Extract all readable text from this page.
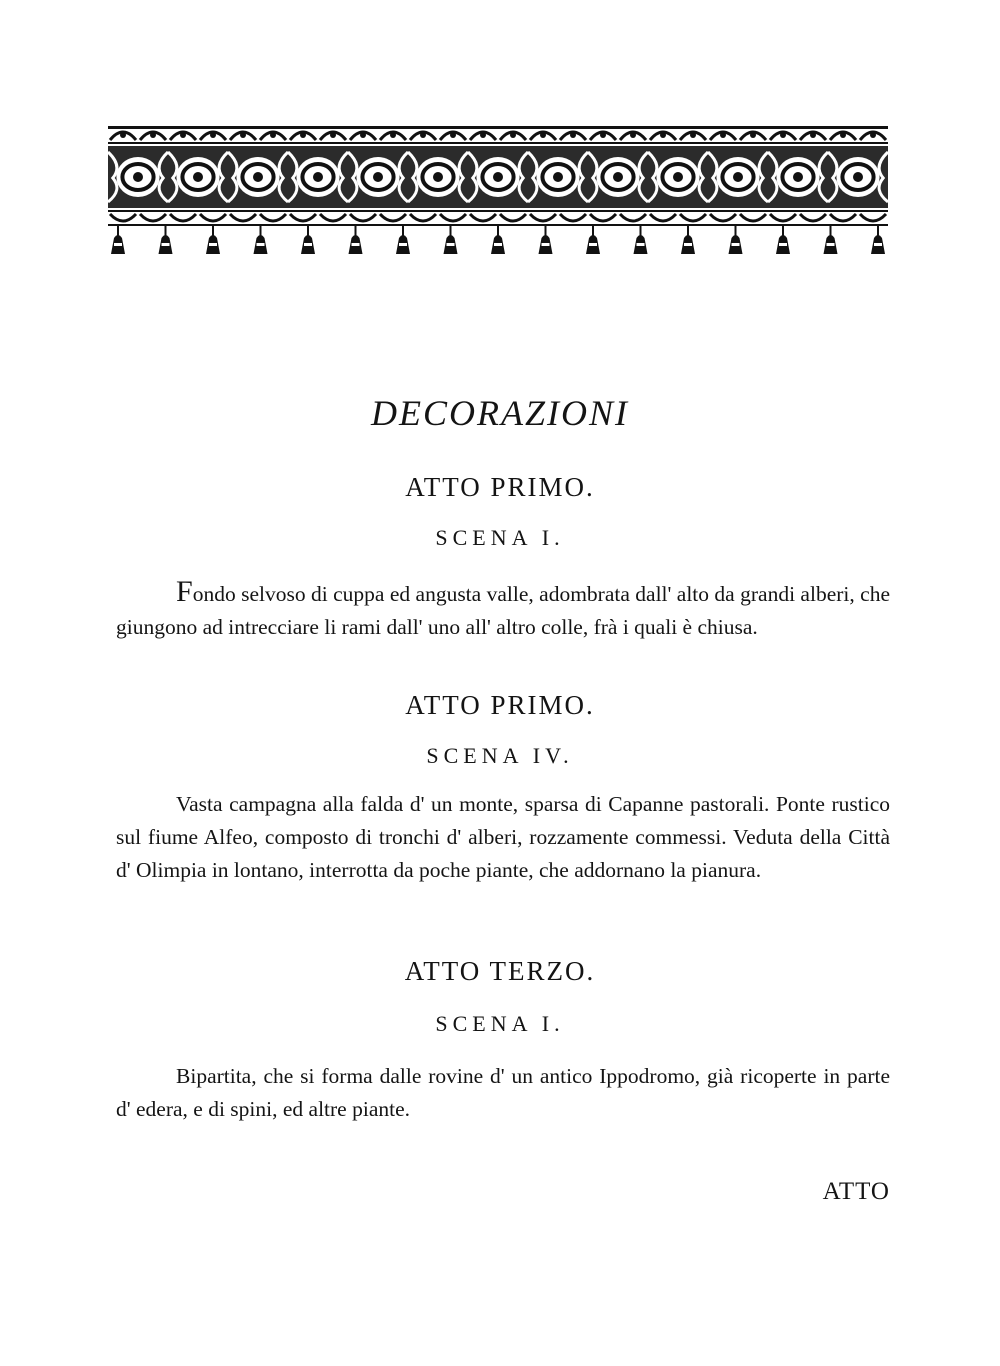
DECORAZIONI
ATTO PRIMO.
SCENA I.
Fondo selvoso di cuppa ed angusta valle, adombrata dall' alto da grandi alberi, che giungono ad intrecciare li rami dall' uno all' altro colle, frà i quali è chiusa.
ATTO PRIMO.
SCENA IV.
Vasta campagna alla falda d' un monte, sparsa di Capanne pastorali. Ponte rustico sul fiume Alfeo, composto di tronchi d' alberi, rozzamente commessi. Veduta della Città d' Olimpia in lontano, interrotta da poche piante, che addornano la pianura.
ATTO TERZO.
SCENA I.
Bipartita, che si forma dalle rovine d' un antico Ippodromo, già ricoperte in parte d' edera, e di spini, ed altre piante.
ATTO
